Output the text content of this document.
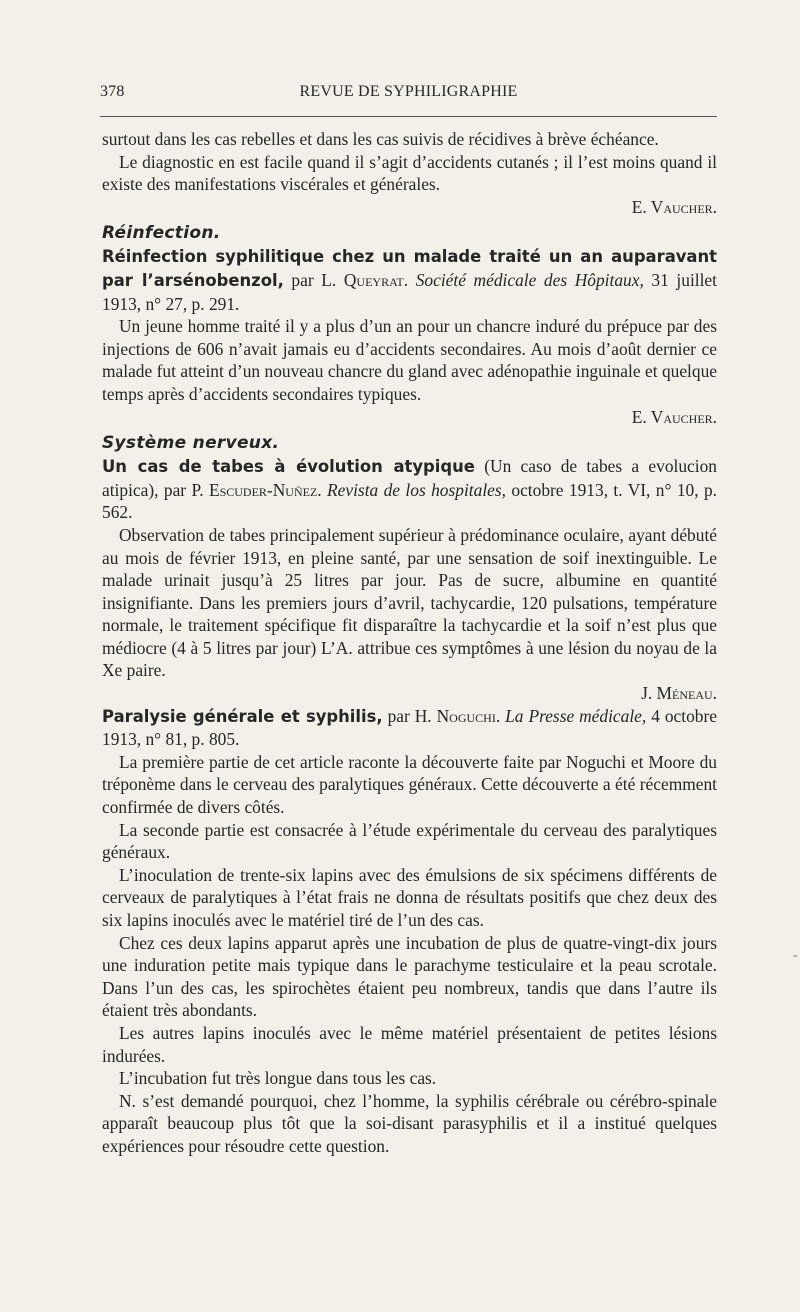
378	REVUE DE SYPHILIGRAPHIE

surtout dans les cas rebelles et dans les cas suivis de récidives à brève échéance.

Le diagnostic en est facile quand il s’agit d’accidents cutanés ; il l’est moins quand il existe des manifestations viscérales et générales.

E. Vaucher.

Réinfection.

Réinfection syphilitique chez un malade traité un an auparavant par l’arsénobenzol, par L. Queyrat. Société médicale des Hôpitaux, 31 juillet 1913, n° 27, p. 291.

Un jeune homme traité il y a plus d’un an pour un chancre induré du prépuce par des injections de 606 n’avait jamais eu d’accidents secondaires. Au mois d’août dernier ce malade fut atteint d’un nouveau chancre du gland avec adénopathie inguinale et quelque temps après d’accidents secondaires typiques.

E. Vaucher.

Système nerveux.

Un cas de tabes à évolution atypique (Un caso de tabes a evolucion atipica), par P. Escuder-Nuñez. Revista de los hospitales, octobre 1913, t. VI, n° 10, p. 562.

Observation de tabes principalement supérieur à prédominance oculaire, ayant débuté au mois de février 1913, en pleine santé, par une sensation de soif inextinguible. Le malade urinait jusqu’à 25 litres par jour. Pas de sucre, albumine en quantité insignifiante. Dans les premiers jours d’avril, tachycardie, 120 pulsations, température normale, le traitement spécifique fit disparaître la tachycardie et la soif n’est plus que médiocre (4 à 5 litres par jour) L’A. attribue ces symptômes à une lésion du noyau de la Xe paire.

J. Méneau.

Paralysie générale et syphilis, par H. Noguchi. La Presse médicale, 4 octobre 1913, n° 81, p. 805.

La première partie de cet article raconte la découverte faite par Noguchi et Moore du tréponème dans le cerveau des paralytiques généraux. Cette découverte a été récemment confirmée de divers côtés.

La seconde partie est consacrée à l’étude expérimentale du cerveau des paralytiques généraux.

L’inoculation de trente-six lapins avec des émulsions de six spécimens différents de cerveaux de paralytiques à l’état frais ne donna de résultats positifs que chez deux des six lapins inoculés avec le matériel tiré de l’un des cas.

Chez ces deux lapins apparut après une incubation de plus de quatre-vingt-dix jours une induration petite mais typique dans le parachyme testiculaire et la peau scrotale. Dans l’un des cas, les spirochètes étaient peu nombreux, tandis que dans l’autre ils étaient très abondants.

Les autres lapins inoculés avec le même matériel présentaient de petites lésions indurées.

L’incubation fut très longue dans tous les cas.

N. s’est demandé pourquoi, chez l’homme, la syphilis cérébrale ou cérébro-spinale apparaît beaucoup plus tôt que la soi-disant parasyphilis et il a institué quelques expériences pour résoudre cette question.

-
